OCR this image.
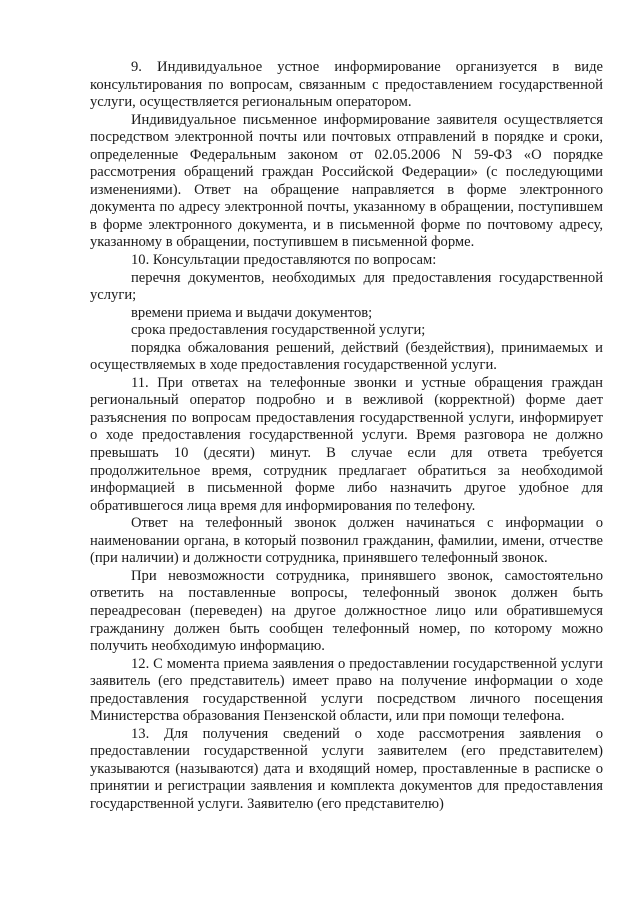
9. Индивидуальное устное информирование организуется в виде консультирования по вопросам, связанным с предоставлением государственной услуги, осуществляется региональным оператором.

Индивидуальное письменное информирование заявителя осуществляется посредством электронной почты или почтовых отправлений в порядке и сроки, определенные Федеральным законом от 02.05.2006 N 59-ФЗ «О порядке рассмотрения обращений граждан Российской Федерации» (с последующими изменениями). Ответ на обращение направляется в форме электронного документа по адресу электронной почты, указанному в обращении, поступившем в форме электронного документа, и в письменной форме по почтовому адресу, указанному в обращении, поступившем в письменной форме.

10. Консультации предоставляются по вопросам:

перечня документов, необходимых для предоставления государственной услуги;

времени приема и выдачи документов;

срока предоставления государственной услуги;

порядка обжалования решений, действий (бездействия), принимаемых и осуществляемых в ходе предоставления государственной услуги.

11. При ответах на телефонные звонки и устные обращения граждан региональный оператор подробно и в вежливой (корректной) форме дает разъяснения по вопросам предоставления государственной услуги, информирует о ходе предоставления государственной услуги. Время разговора не должно превышать 10 (десяти) минут. В случае если для ответа требуется продолжительное время, сотрудник предлагает обратиться за необходимой информацией в письменной форме либо назначить другое удобное для обратившегося лица время для информирования по телефону.

Ответ на телефонный звонок должен начинаться с информации о наименовании органа, в который позвонил гражданин, фамилии, имени, отчестве (при наличии) и должности сотрудника, принявшего телефонный звонок.

При невозможности сотрудника, принявшего звонок, самостоятельно ответить на поставленные вопросы, телефонный звонок должен быть переадресован (переведен) на другое должностное лицо или обратившемуся гражданину должен быть сообщен телефонный номер, по которому можно получить необходимую информацию.

12. С момента приема заявления о предоставлении государственной услуги заявитель (его представитель) имеет право на получение информации о ходе предоставления государственной услуги посредством личного посещения Министерства образования Пензенской области, или при помощи телефона.

13. Для получения сведений о ходе рассмотрения заявления о предоставлении государственной услуги заявителем (его представителем) указываются (называются) дата и входящий номер, проставленные в расписке о принятии и регистрации заявления и комплекта документов для предоставления государственной услуги. Заявителю (его представителю)
